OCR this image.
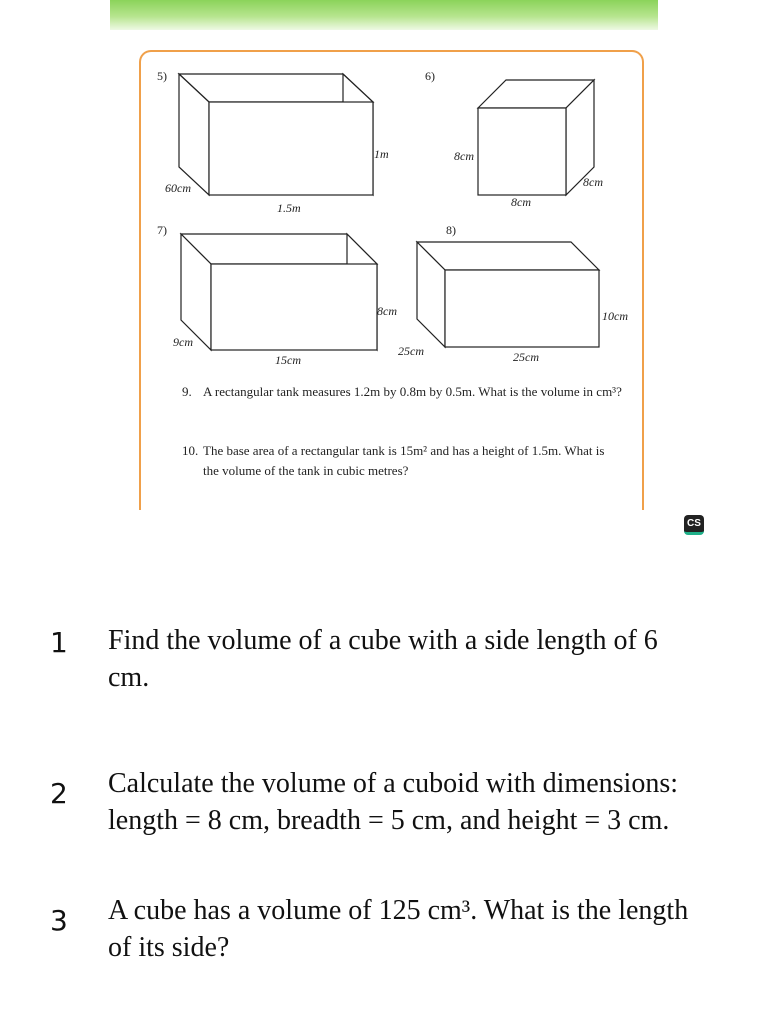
5)
1m
60cm
1.5m
6)
8cm
8cm
8cm
7)
8cm
9cm
15cm
8)
10cm
25cm	25cm
9. A rectangular tank measures 1.2m by 0.8m by 0.5m. What is the volume in cm³?
10. The base area of a rectangular tank is 15m² and has a height of 1.5m. What is the volume of the tank in cubic metres?
CS
1 Find the volume of a cube with a side length of 6 cm.
2 Calculate the volume of a cuboid with dimensions: length = 8 cm, breadth = 5 cm, and height = 3 cm.
3 A cube has a volume of 125 cm³. What is the length of its side?
